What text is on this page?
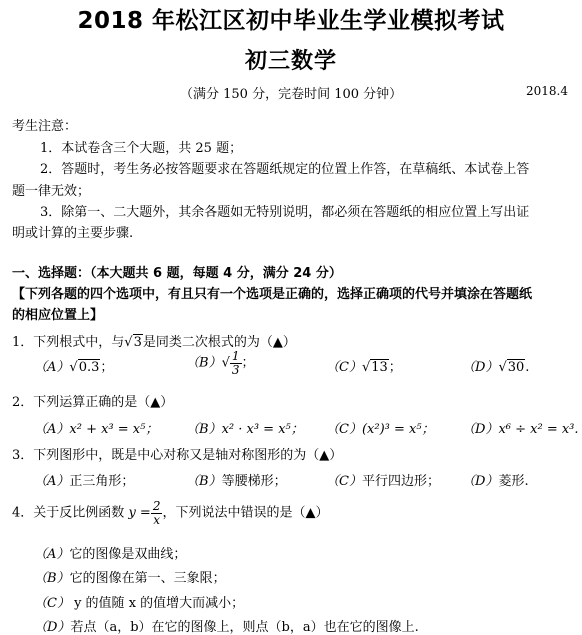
2018 年松江区初中毕业生学业模拟考试
初三数学
（满分 150 分，完卷时间 100 分钟）	2018.4
考生注意：
1．本试卷含三个大题，共 25 题；
2．答题时，考生务必按答题要求在答题纸规定的位置上作答，在草稿纸、本试卷上答
题一律无效；
3．除第一、二大题外，其余各题如无特别说明，都必须在答题纸的相应位置上写出证
明或计算的主要步骤.
一、选择题：（本大题共 6 题，每题 4 分，满分 24 分）
【下列各题的四个选项中，有且只有一个选项是正确的，选择正确项的代号并填涂在答题纸
的相应位置上】
1．下列根式中，与√3是同类二次根式的为（▲）
（A）√0.3；	$(B)√ \frac{1}{3}$ ；	（C）√13；	（D）√30.
2．下列运算正确的是（▲）
（A）x² + x³ = x⁵； （B）x² · x³ = x⁵； （C）(x²)³ = x⁵； （D）x⁶ ÷ x² = x³.
3．下列图形中，既是中心对称又是轴对称图形的为（▲）
（A）正三角形；	（B）等腰梯形；	（C）平行四边形； （D）菱形.
4．关于反比例函数 $y = \frac{2}{x}$ ，下列说法中错误的是（▲）
（A）它的图像是双曲线；
（B）它的图像在第一、三象限；
（C） y 的值随 x 的值增大而减小；
（D）若点（a，b）在它的图像上，则点（b，a）也在它的图像上.
